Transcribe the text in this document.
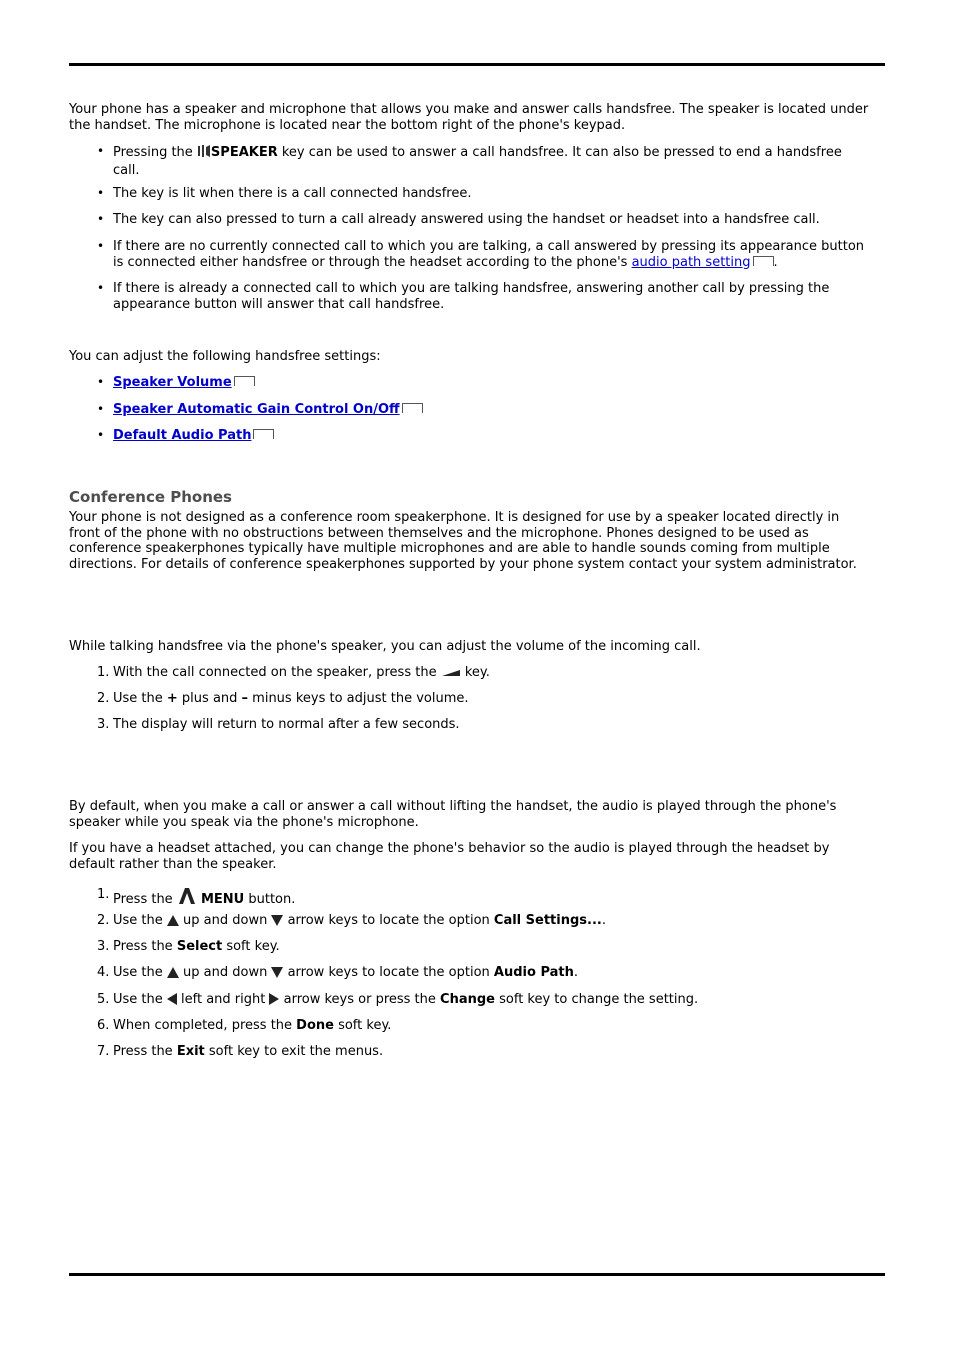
Your phone has a speaker and microphone that allows you make and answer calls handsfree. The speaker is located under the handset. The microphone is located near the bottom right of the phone's keypad.

• Pressing the SPEAKER key can be used to answer a call handsfree. It can also be pressed to end a handsfree call.
• The key is lit when there is a call connected handsfree.
• The key can also pressed to turn a call already answered using the handset or headset into a handsfree call.
• If there are no currently connected call to which you are talking, a call answered by pressing its appearance button is connected either handsfree or through the headset according to the phone's audio path setting .
• If there is already a connected call to which you are talking handsfree, answering another call by pressing the appearance button will answer that call handsfree.

You can adjust the following handsfree settings:

• Speaker Volume
• Speaker Automatic Gain Control On/Off
• Default Audio Path
Conference Phones

Your phone is not designed as a conference room speakerphone. It is designed for use by a speaker located directly in front of the phone with no obstructions between themselves and the microphone. Phones designed to be used as conference speakerphones typically have multiple microphones and are able to handle sounds coming from multiple directions. For details of conference speakerphones supported by your phone system contact your system administrator.

While talking handsfree via the phone's speaker, you can adjust the volume of the incoming call.

1. With the call connected on the speaker, press the  key.
2. Use the + plus and – minus keys to adjust the volume.
3. The display will return to normal after a few seconds.

By default, when you make a call or answer a call without lifting the handset, the audio is played through the phone's speaker while you speak via the phone's microphone.

If you have a headset attached, you can change the phone's behavior so the audio is played through the headset by default rather than the speaker.

1. Press the  MENU button.
2. Use the  up and down  arrow keys to locate the option Call Settings....
3. Press the Select soft key.
4. Use the  up and down  arrow keys to locate the option Audio Path.
5. Use the  left and right  arrow keys or press the Change soft key to change the setting.
6. When completed, press the Done soft key.
7. Press the Exit soft key to exit the menus.
